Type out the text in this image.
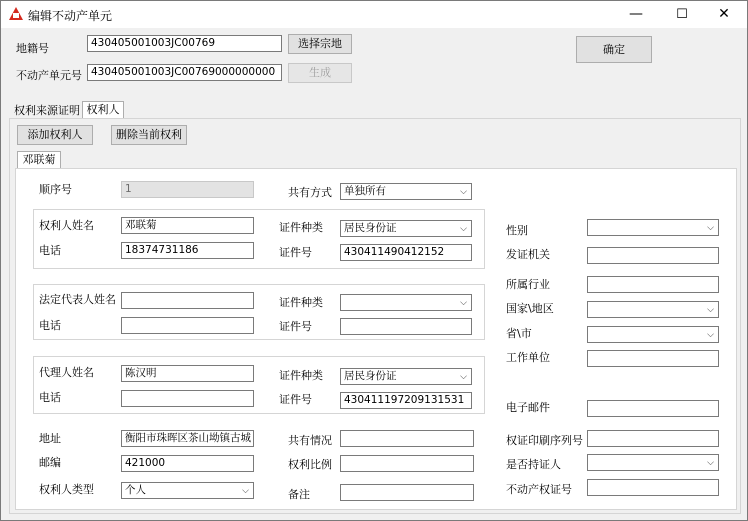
编辑不动产单元	—	☐	✕
地籍号	430405001003JC00769	选择宗地
不动产单元号 430405001003JC00769000000000	生成
确定
权利来源证明 权利人
添加权利人	删除当前权利
邓联菊
顺序号	1	共有方式	单独所有	⌵
权利人姓名	邓联菊	证件种类	居民身份证	⌵
电话	18374731186	证件号	430411490412152
法定代表人姓名	证件种类	⌵
电话	证件号
代理人姓名	陈汉明	证件种类	居民身份证	⌵
电话	证件号	430411197209131531
地址	衡阳市珠晖区茶山坳镇古城	共有情况
邮编	421000	权利比例
权利人类型	个人	⌵	备注
性别	⌵
发证机关
所属行业
国家\地区	⌵
省\市	⌵
工作单位
电子邮件
权证印刷序列号
是否持证人	⌵
不动产权证号
